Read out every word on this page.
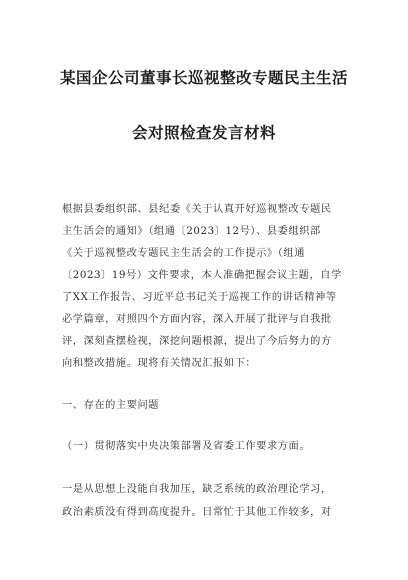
某国企公司董事长巡视整改专题民主生活
会对照检查发言材料
根据县委组织部、县纪委《关于认真开好巡视整改专题民
主生活会的通知》（组通〔2023〕12号）、县委组织部
《关于巡视整改专题民主生活会的工作提示》（组通
〔2023〕19号）文件要求，本人准确把握会议主题，自学
了XX工作报告、习近平总书记关于巡视工作的讲话精神等
必学篇章，对照四个方面内容，深入开展了批评与自我批
评，深刻查摆检视，深挖问题根源，提出了今后努力的方
向和整改措施。现将有关情况汇报如下：
一、存在的主要问题
（一）贯彻落实中央决策部署及省委工作要求方面。
一是从思想上没能自我加压，缺乏系统的政治理论学习，
政治素质没有得到高度提升。日常忙于其他工作较多，对
